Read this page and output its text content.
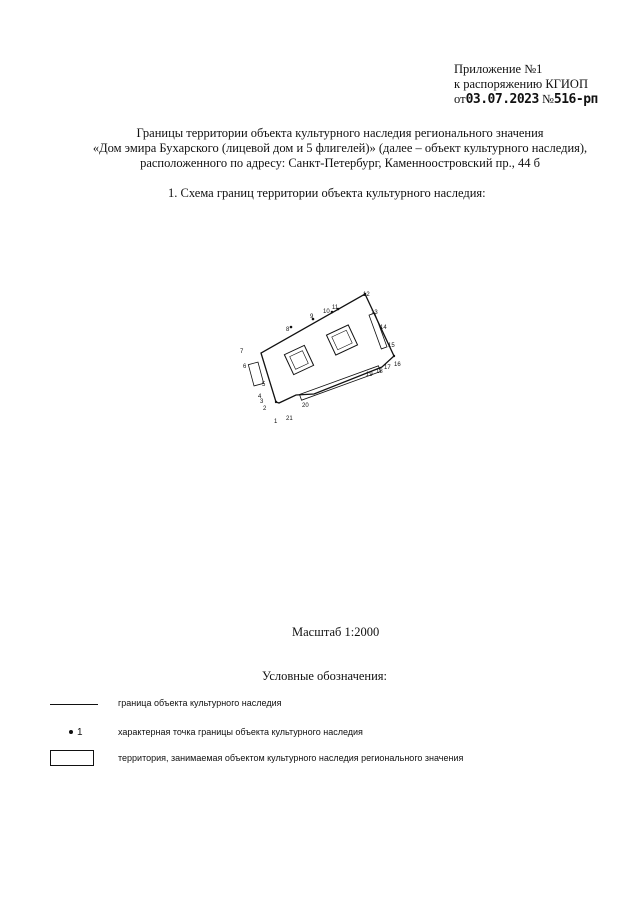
Приложение №1

к распоряжению КГИОП
от03.07.2023 №516-рп
Границы территории объекта культурного наследия регионального значения
«Дом эмира Бухарского (лицевой дом и 5 флигелей)» (далее – объект культурного наследия),
расположенного по адресу: Санкт-Петербург, Каменноостровский пр., 44 б
1. Схема границ территории объекта культурного наследия:
1
2
3
4
5
6
7
8
9
10
11
12
13
14
15
16
17
18
19
20
21
Масштаб 1:2000
Условные обозначения:
граница объекта культурного наследия
1	характерная точка границы объекта культурного наследия
территория, занимаемая объектом культурного наследия регионального значения
